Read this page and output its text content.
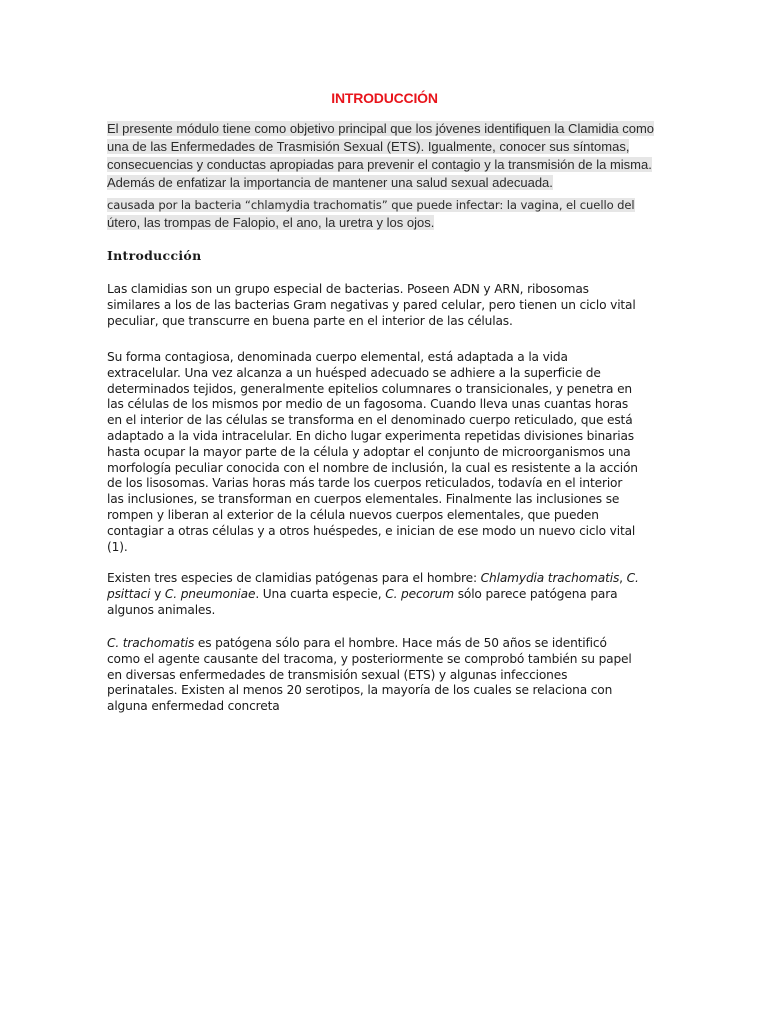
INTRODUCCIÓN

El presente módulo tiene como objetivo principal que los jóvenes identifiquen la Clamidia como una de las Enfermedades de Trasmisión Sexual (ETS). Igualmente, conocer sus síntomas, consecuencias y conductas apropiadas para prevenir el contagio y la transmisión de la misma. Además de enfatizar la importancia de mantener una salud sexual adecuada.

causada por la bacteria “chlamydia trachomatis” que puede infectar: la vagina, el cuello del útero, las trompas de Falopio, el ano, la uretra y los ojos.

Introducción

Las clamidias son un grupo especial de bacterias. Poseen ADN y ARN, ribosomas similares a los de las bacterias Gram negativas y pared celular, pero tienen un ciclo vital peculiar, que transcurre en buena parte en el interior de las células.

Su forma contagiosa, denominada cuerpo elemental, está adaptada a la vida extracelular. Una vez alcanza a un huésped adecuado se adhiere a la superficie de determinados tejidos, generalmente epitelios columnares o transicionales, y penetra en las células de los mismos por medio de un fagosoma. Cuando lleva unas cuantas horas en el interior de las células se transforma en el denominado cuerpo reticulado, que está adaptado a la vida intracelular. En dicho lugar experimenta repetidas divisiones binarias hasta ocupar la mayor parte de la célula y adoptar el conjunto de microorganismos una morfología peculiar conocida con el nombre de inclusión, la cual es resistente a la acción de los lisosomas. Varias horas más tarde los cuerpos reticulados, todavía en el interior las inclusiones, se transforman en cuerpos elementales. Finalmente las inclusiones se rompen y liberan al exterior de la célula nuevos cuerpos elementales, que pueden contagiar a otras células y a otros huéspedes, e inician de ese modo un nuevo ciclo vital (1).

Existen tres especies de clamidias patógenas para el hombre: Chlamydia trachomatis, C. psittaci y C. pneumoniae. Una cuarta especie, C. pecorum sólo parece patógena para algunos animales.

C. trachomatis es patógena sólo para el hombre. Hace más de 50 años se identificó como el agente causante del tracoma, y posteriormente se comprobó también su papel en diversas enfermedades de transmisión sexual (ETS) y algunas infecciones perinatales. Existen al menos 20 serotipos, la mayoría de los cuales se relaciona con alguna enfermedad concreta
